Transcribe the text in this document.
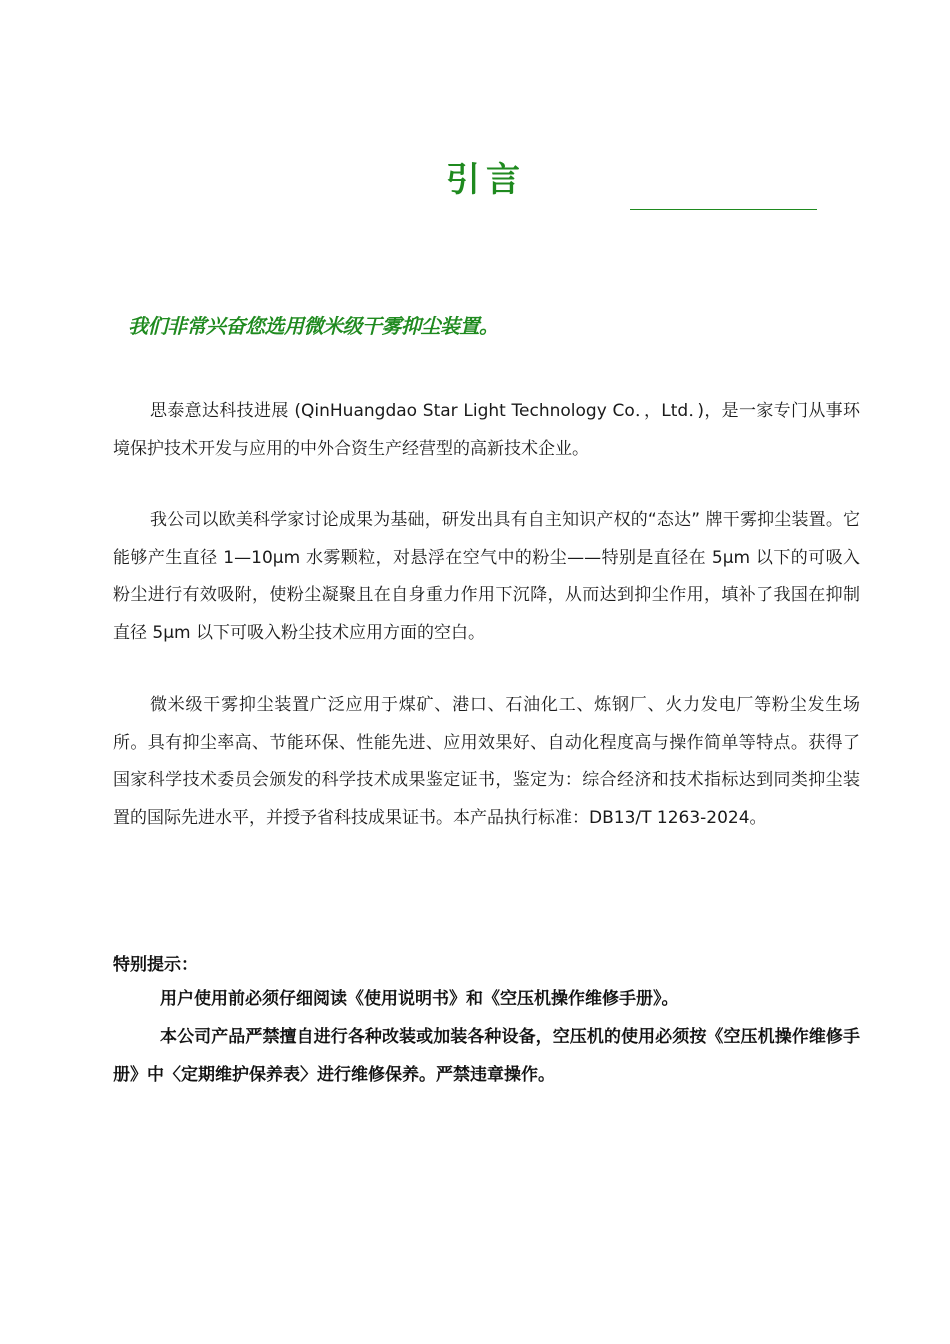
引言
我们非常兴奋您选用微米级干雾抑尘装置。

思泰意达科技进展 (QinHuangdao Star Light Technology Co．，Ltd．)，是一家专门从事环境保护技术开发与应用的中外合资生产经营型的高新技术企业。

我公司以欧美科学家讨论成果为基础，研发出具有自主知识产权的“态达” 牌干雾抑尘装置。它能够产生直径 1—10μm 水雾颗粒，对悬浮在空气中的粉尘——特别是直径在 5μm 以下的可吸入粉尘进行有效吸附，使粉尘凝聚且在自身重力作用下沉降，从而达到抑尘作用，填补了我国在抑制直径 5μm 以下可吸入粉尘技术应用方面的空白。

微米级干雾抑尘装置广泛应用于煤矿、港口、石油化工、炼钢厂、火力发电厂等粉尘发生场所。具有抑尘率高、节能环保、性能先进、应用效果好、自动化程度高与操作简单等特点。获得了国家科学技术委员会颁发的科学技术成果鉴定证书，鉴定为：综合经济和技术指标达到同类抑尘装置的国际先进水平，并授予省科技成果证书。本产品执行标准：DB13/T 1263-2024。

特别提示：

用户使用前必须仔细阅读《使用说明书》和《空压机操作维修手册》。

本公司产品严禁擅自进行各种改装或加装各种设备，空压机的使用必须按《空压机操作维修手册》中〈定期维护保养表〉进行维修保养。严禁违章操作。
